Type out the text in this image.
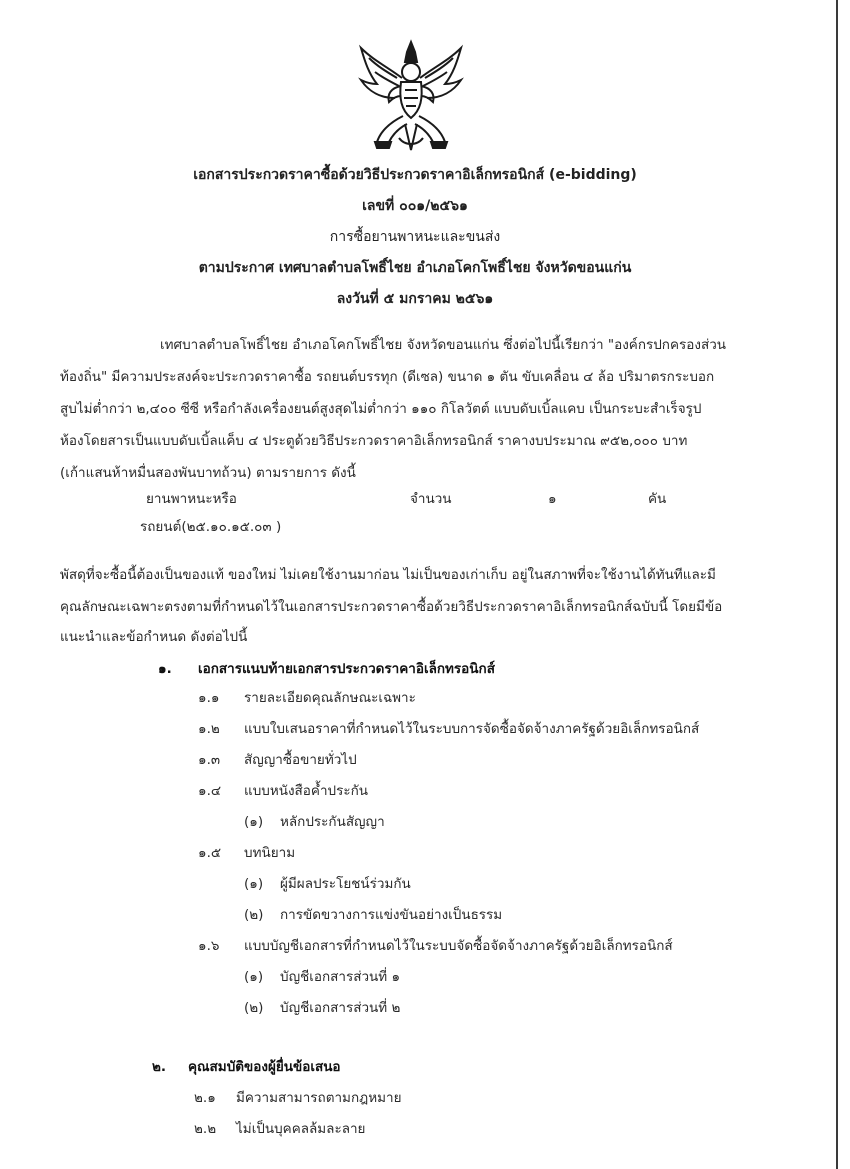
เอกสารประกวดราคาซื้อด้วยวิธีประกวดราคาอิเล็กทรอนิกส์ (e-bidding)
เลขที่ ๐๐๑/๒๕๖๑
การซื้อยานพาหนะและขนส่ง
ตามประกาศ เทศบาลตำบลโพธิ์ไชย อำเภอโคกโพธิ์ไชย จังหวัดขอนแก่น
ลงวันที่ ๕ มกราคม ๒๕๖๑
เทศบาลตำบลโพธิ์ไชย อำเภอโคกโพธิ์ไชย จังหวัดขอนแก่น ซึ่งต่อไปนี้เรียกว่า "องค์กรปกครองส่วน
ท้องถิ่น" มีความประสงค์จะประกวดราคาซื้อ รถยนต์บรรทุก (ดีเซล) ขนาด ๑ ตัน ขับเคลื่อน ๔ ล้อ ปริมาตรกระบอก
สูบไม่ต่ำกว่า ๒,๔๐๐ ซีซี หรือกำลังเครื่องยนต์สูงสุดไม่ต่ำกว่า ๑๑๐ กิโลวัตต์ แบบดับเบิ้ลแคบ เป็นกระบะสำเร็จรูป
ห้องโดยสารเป็นแบบดับเบิ้ลแค็บ ๔ ประตูด้วยวิธีประกวดราคาอิเล็กทรอนิกส์ ราคางบประมาณ ๙๕๒,๐๐๐ บาท
(เก้าแสนห้าหมื่นสองพันบาทถ้วน) ตามรายการ ดังนี้
ยานพาหนะหรือ
รถยนต์(๒๕.๑๐.๑๕.๐๓ )
จำนวน	๑	คัน
พัสดุที่จะซื้อนี้ต้องเป็นของแท้ ของใหม่ ไม่เคยใช้งานมาก่อน ไม่เป็นของเก่าเก็บ อยู่ในสภาพที่จะใช้งานได้ทันทีและมี
คุณลักษณะเฉพาะตรงตามที่กำหนดไว้ในเอกสารประกวดราคาซื้อด้วยวิธีประกวดราคาอิเล็กทรอนิกส์ฉบับนี้ โดยมีข้อ
แนะนำและข้อกำหนด ดังต่อไปนี้
๑. เอกสารแนบท้ายเอกสารประกวดราคาอิเล็กทรอนิกส์
๑.๑ รายละเอียดคุณลักษณะเฉพาะ
๑.๒ แบบใบเสนอราคาที่กำหนดไว้ในระบบการจัดซื้อจัดจ้างภาครัฐด้วยอิเล็กทรอนิกส์
๑.๓ สัญญาซื้อขายทั่วไป
๑.๔ แบบหนังสือค้ำประกัน
(๑) หลักประกันสัญญา
๑.๕ บทนิยาม
(๑) ผู้มีผลประโยชน์ร่วมกัน
(๒) การขัดขวางการแข่งขันอย่างเป็นธรรม
๑.๖ แบบบัญชีเอกสารที่กำหนดไว้ในระบบจัดซื้อจัดจ้างภาครัฐด้วยอิเล็กทรอนิกส์
(๑) บัญชีเอกสารส่วนที่ ๑
(๒) บัญชีเอกสารส่วนที่ ๒
๒. คุณสมบัติของผู้ยื่นข้อเสนอ
๒.๑ มีความสามารถตามกฎหมาย
๒.๒ ไม่เป็นบุคคลล้มละลาย
